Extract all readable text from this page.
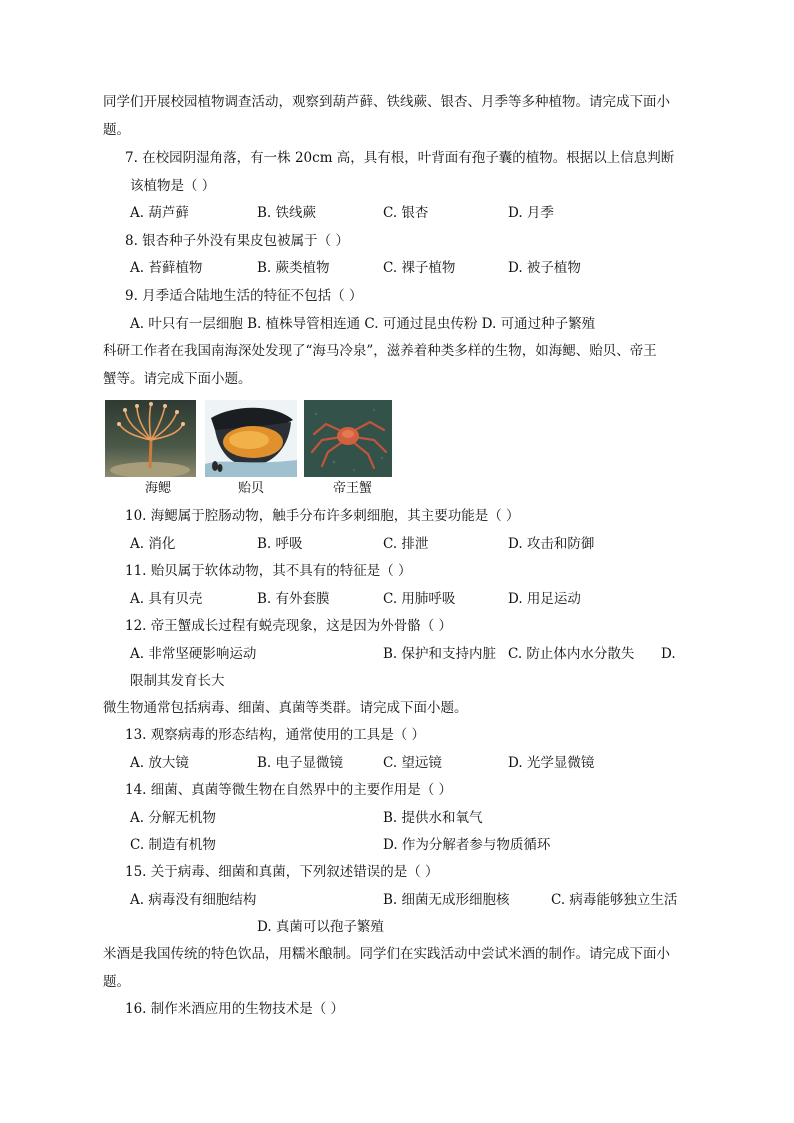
同学们开展校园植物调查活动，观察到葫芦藓、铁线蕨、银杏、月季等多种植物。请完成下面小
题。
7. 在校园阴湿角落，有一株 20cm 高，具有根，叶背面有孢子囊的植物。根据以上信息判断
该植物是（ ）
A. 葫芦藓	B. 铁线蕨	C. 银杏	D. 月季
8. 银杏种子外没有果皮包被属于（ ）
A. 苔藓植物	B. 蕨类植物	C. 裸子植物	D. 被子植物
9. 月季适合陆地生活的特征不包括（ ）
A. 叶只有一层细胞 B. 植株导管相连通 C. 可通过昆虫传粉 D. 可通过种子繁殖
科研工作者在我国南海深处发现了“海马冷泉”，滋养着种类多样的生物，如海鳃、贻贝、帝王
蟹等。请完成下面小题。
海鳃	贻贝	帝王蟹
10. 海鳃属于腔肠动物，触手分布许多刺细胞，其主要功能是（ ）
A. 消化	B. 呼吸	C. 排泄	D. 攻击和防御
11. 贻贝属于软体动物，其不具有的特征是（ ）
A. 具有贝壳	B. 有外套膜	C. 用肺呼吸	D. 用足运动
12. 帝王蟹成长过程有蜕壳现象，这是因为外骨骼（ ）
A. 非常坚硬影响运动	B. 保护和支持内脏 C. 防止体内水分散失 D.
限制其发育长大
微生物通常包括病毒、细菌、真菌等类群。请完成下面小题。
13. 观察病毒的形态结构，通常使用的工具是（ ）
A. 放大镜	B. 电子显微镜	C. 望远镜	D. 光学显微镜
14. 细菌、真菌等微生物在自然界中的主要作用是（ ）
A. 分解无机物	B. 提供水和氧气
C. 制造有机物	D. 作为分解者参与物质循环
15. 关于病毒、细菌和真菌，下列叙述错误的是（ ）
A. 病毒没有细胞结构	B. 细菌无成形细胞核	C. 病毒能够独立生活
D. 真菌可以孢子繁殖
米酒是我国传统的特色饮品，用糯米酿制。同学们在实践活动中尝试米酒的制作。请完成下面小
题。
16. 制作米酒应用的生物技术是（ ）
